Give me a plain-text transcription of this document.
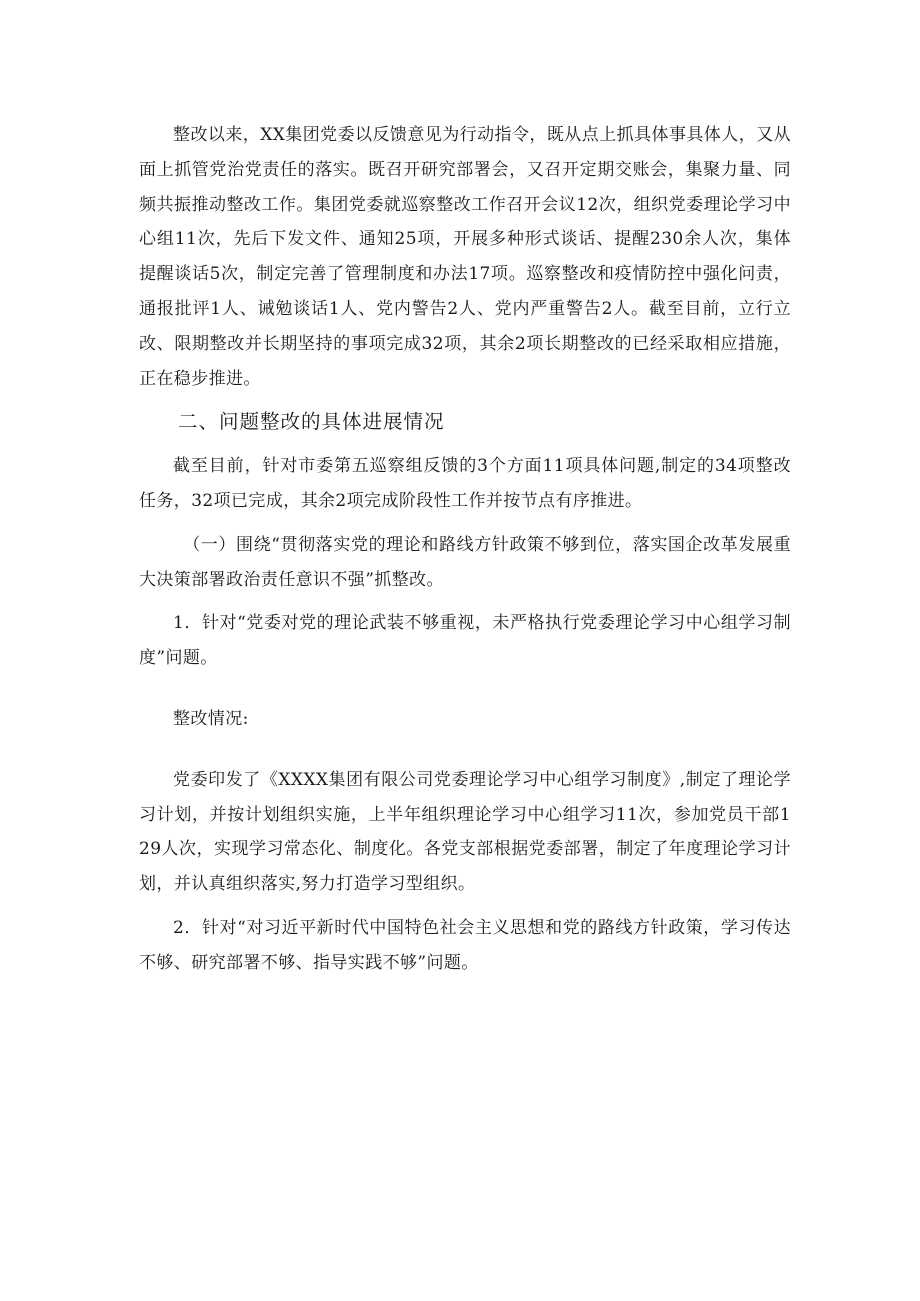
整改以来，XX集团党委以反馈意见为行动指令，既从点上抓具体事具体人，又从面上抓管党治党责任的落实。既召开研究部署会，又召开定期交账会，集聚力量、同频共振推动整改工作。集团党委就巡察整改工作召开会议12次，组织党委理论学习中心组11次，先后下发文件、通知25项，开展多种形式谈话、提醒230余人次，集体提醒谈话5次，制定完善了管理制度和办法17项。巡察整改和疫情防控中强化问责，通报批评1人、诫勉谈话1人、党内警告2人、党内严重警告2人。截至目前，立行立改、限期整改并长期坚持的事项完成32项，其余2项长期整改的已经采取相应措施，正在稳步推进。

二、问题整改的具体进展情况

截至目前，针对市委第五巡察组反馈的3个方面11项具体问题,制定的34项整改任务，32项已完成，其余2项完成阶段性工作并按节点有序推进。

（一）围绕“贯彻落实党的理论和路线方针政策不够到位，落实国企改革发展重大决策部署政治责任意识不强”抓整改。

1．针对“党委对党的理论武装不够重视，未严格执行党委理论学习中心组学习制度”问题。

整改情况:

党委印发了《XXXX集团有限公司党委理论学习中心组学习制度》,制定了理论学习计划，并按计划组织实施，上半年组织理论学习中心组学习11次，参加党员干部129人次，实现学习常态化、制度化。各党支部根据党委部署，制定了年度理论学习计划，并认真组织落实,努力打造学习型组织。

2．针对“对习近平新时代中国特色社会主义思想和党的路线方针政策，学习传达不够、研究部署不够、指导实践不够”问题。
